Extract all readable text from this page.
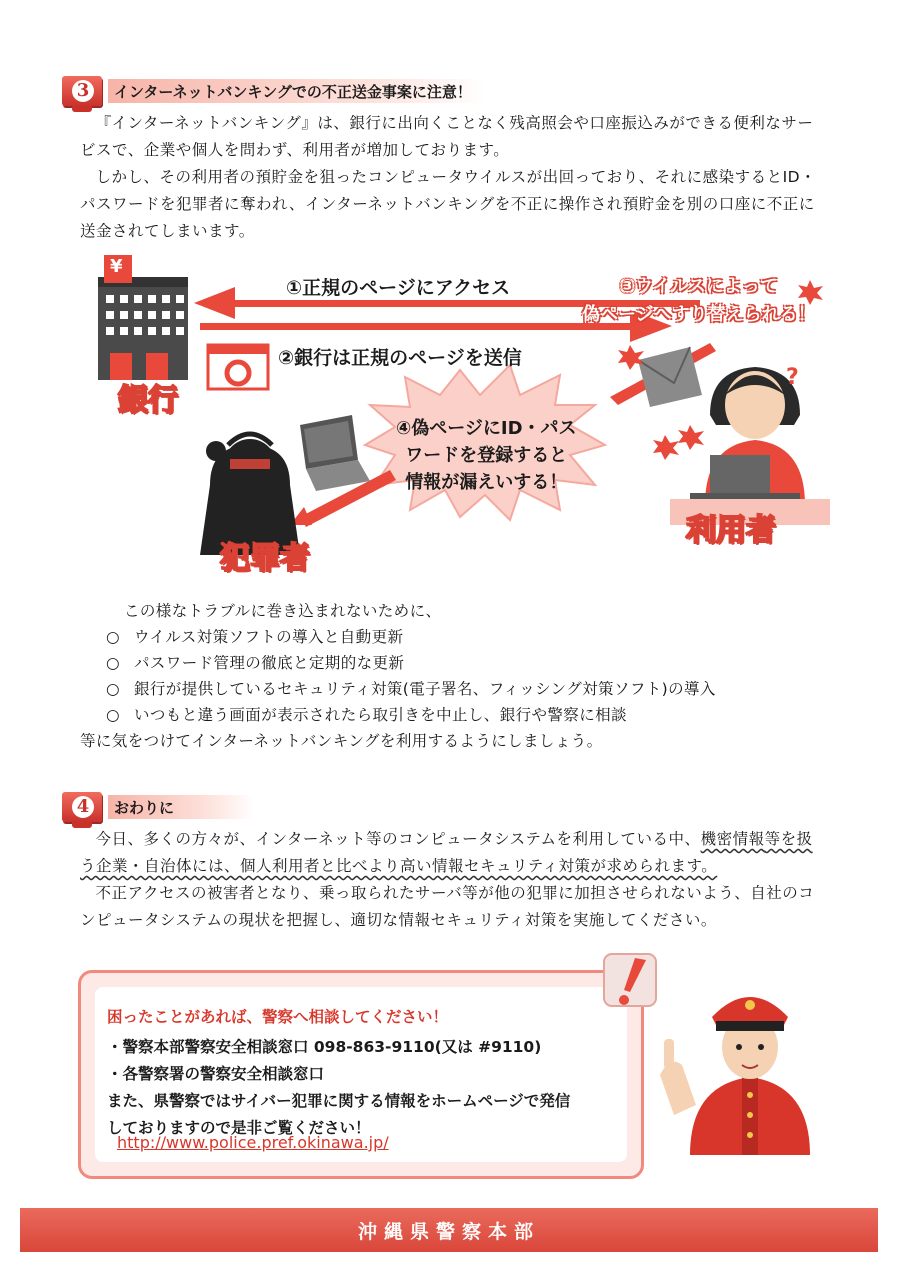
3	インターネットバンキングでの不正送金事案に注意！

『インターネットバンキング』は、銀行に出向くことなく残高照会や口座振込みができる便利なサービスで、企業や個人を問わず、利用者が増加しております。

しかし、その利用者の預貯金を狙ったコンピュータウイルスが出回っており、それに感染するとID・パスワードを犯罪者に奪われ、インターネットバンキングを不正に操作され預貯金を別の口座に不正に送金されてしまいます。

①正規のページにアクセス
②銀行は正規のページを送信
③ウイルスによって
偽ページへすり替えられる！
④偽ページにID・パス
ワードを登録すると
情報が漏えいする！
¥
?
銀行
利用者
犯罪者
この様なトラブルに巻き込まれないために、
○ ウイルス対策ソフトの導入と自動更新
○ パスワード管理の徹底と定期的な更新
○ 銀行が提供しているセキュリティ対策(電子署名、フィッシング対策ソフト)の導入
○ いつもと違う画面が表示されたら取引きを中止し、銀行や警察に相談
等に気をつけてインターネットバンキングを利用するようにしましょう。
4	おわりに

今日、多くの方々が、インターネット等のコンピュータシステムを利用している中、機密情報等を扱う企業・自治体には、個人利用者と比べより高い情報セキュリティ対策が求められます。

不正アクセスの被害者となり、乗っ取られたサーバ等が他の犯罪に加担させられないよう、自社のコンピュータシステムの現状を把握し、適切な情報セキュリティ対策を実施してください。

困ったことがあれば、警察へ相談してください！
・警察本部警察安全相談窓口 098-863-9110(又は #9110)
・各警察署の警察安全相談窓口
また、県警察ではサイバー犯罪に関する情報をホームページで発信
しておりますので是非ご覧ください！
http://www.police.pref.okinawa.jp/
沖縄県警察本部
